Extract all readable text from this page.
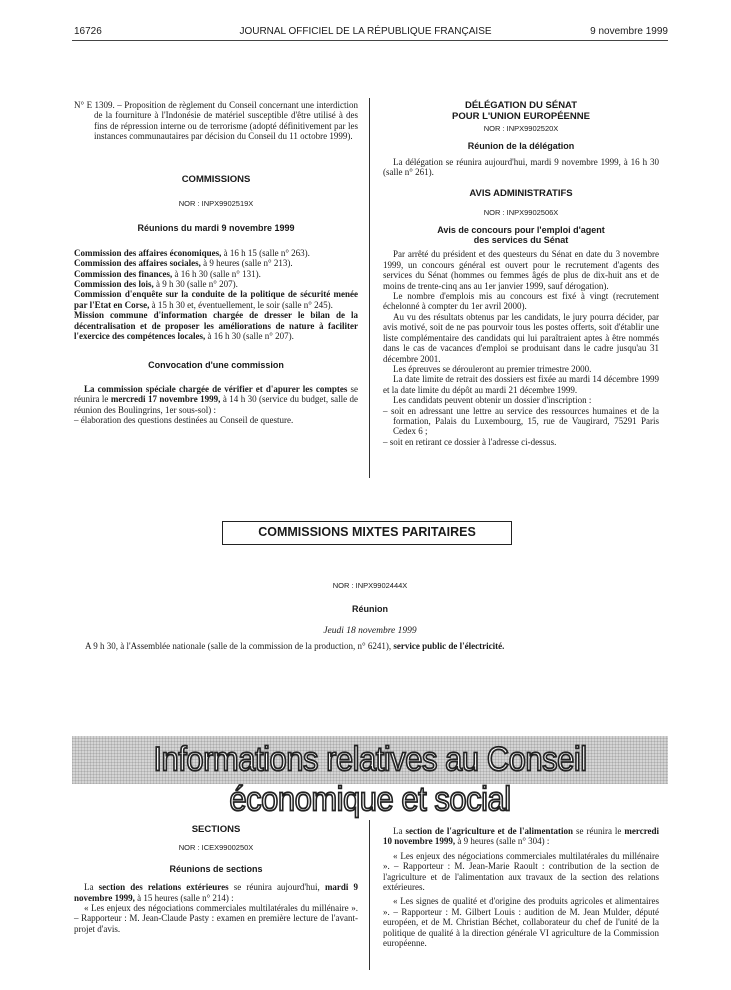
16726	JOURNAL OFFICIEL DE LA RÉPUBLIQUE FRANÇAISE	9 novembre 1999

N° E 1309. – Proposition de règlement du Conseil concernant une interdiction de la fourniture à l'Indonésie de matériel susceptible d'être utilisé à des fins de répression interne ou de terrorisme (adopté définitivement par les instances communautaires par décision du Conseil du 11 octobre 1999).

COMMISSIONS
NOR : INPX9902519X
Réunions du mardi 9 novembre 1999

Commission des affaires économiques, à 16 h 15 (salle n° 263).

Commission des affaires sociales, à 9 heures (salle n° 213).

Commission des finances, à 16 h 30 (salle n° 131).

Commission des lois, à 9 h 30 (salle n° 207).

Commission d'enquête sur la conduite de la politique de sécurité menée par l'Etat en Corse, à 15 h 30 et, éventuellement, le soir (salle n° 245).

Mission commune d'information chargée de dresser le bilan de la décentralisation et de proposer les améliorations de nature à faciliter l'exercice des compétences locales, à 16 h 30 (salle n° 207).

Convocation d'une commission

La commission spéciale chargée de vérifier et d'apurer les comptes se réunira le mercredi 17 novembre 1999, à 14 h 30 (service du budget, salle de réunion des Boulingrins, 1er sous-sol) :

– élaboration des questions destinées au Conseil de questure.

DÉLÉGATION DU SÉNAT
POUR L'UNION EUROPÉENNE
NOR : INPX9902520X
Réunion de la délégation

La délégation se réunira aujourd'hui, mardi 9 novembre 1999, à 16 h 30 (salle n° 261).

AVIS ADMINISTRATIFS
NOR : INPX9902506X
Avis de concours pour l'emploi d'agent
des services du Sénat

Par arrêté du président et des questeurs du Sénat en date du 3 novembre 1999, un concours général est ouvert pour le recrutement d'agents des services du Sénat (hommes ou femmes âgés de plus de dix-huit ans et de moins de trente-cinq ans au 1er janvier 1999, sauf dérogation).

Le nombre d'emplois mis au concours est fixé à vingt (recrutement échelonné à compter du 1er avril 2000).

Au vu des résultats obtenus par les candidats, le jury pourra décider, par avis motivé, soit de ne pas pourvoir tous les postes offerts, soit d'établir une liste complémentaire des candidats qui lui paraîtraient aptes à être nommés dans le cas de vacances d'emploi se produisant dans le cadre jusqu'au 31 décembre 2001.

Les épreuves se dérouleront au premier trimestre 2000.

La date limite de retrait des dossiers est fixée au mardi 14 décembre 1999 et la date limite du dépôt au mardi 21 décembre 1999.

Les candidats peuvent obtenir un dossier d'inscription :

– soit en adressant une lettre au service des ressources humaines et de la formation, Palais du Luxembourg, 15, rue de Vaugirard, 75291 Paris Cedex 6 ;

– soit en retirant ce dossier à l'adresse ci-dessus.

COMMISSIONS MIXTES PARITAIRES
NOR : INPX9902444X
Réunion
Jeudi 18 novembre 1999
A 9 h 30, à l'Assemblée nationale (salle de la commission de la production, n° 6241), service public de l'électricité.
Informations relatives au Conseil économique et social
SECTIONS
NOR : ICEX9900250X
Réunions de sections

La section des relations extérieures se réunira aujourd'hui, mardi 9 novembre 1999, à 15 heures (salle n° 214) :

« Les enjeux des négociations commerciales multilatérales du millénaire ». – Rapporteur : M. Jean-Claude Pasty : examen en première lecture de l'avant-projet d'avis.

La section de l'agriculture et de l'alimentation se réunira le mercredi 10 novembre 1999, à 9 heures (salle n° 304) :

« Les enjeux des négociations commerciales multilatérales du millénaire ». – Rapporteur : M. Jean-Marie Raoult : contribution de la section de l'agriculture et de l'alimentation aux travaux de la section des relations extérieures.

« Les signes de qualité et d'origine des produits agricoles et alimentaires ». – Rapporteur : M. Gilbert Louis : audition de M. Jean Mulder, député européen, et de M. Christian Béchet, collaborateur du chef de l'unité de la politique de qualité à la direction générale VI agriculture de la Commission européenne.
